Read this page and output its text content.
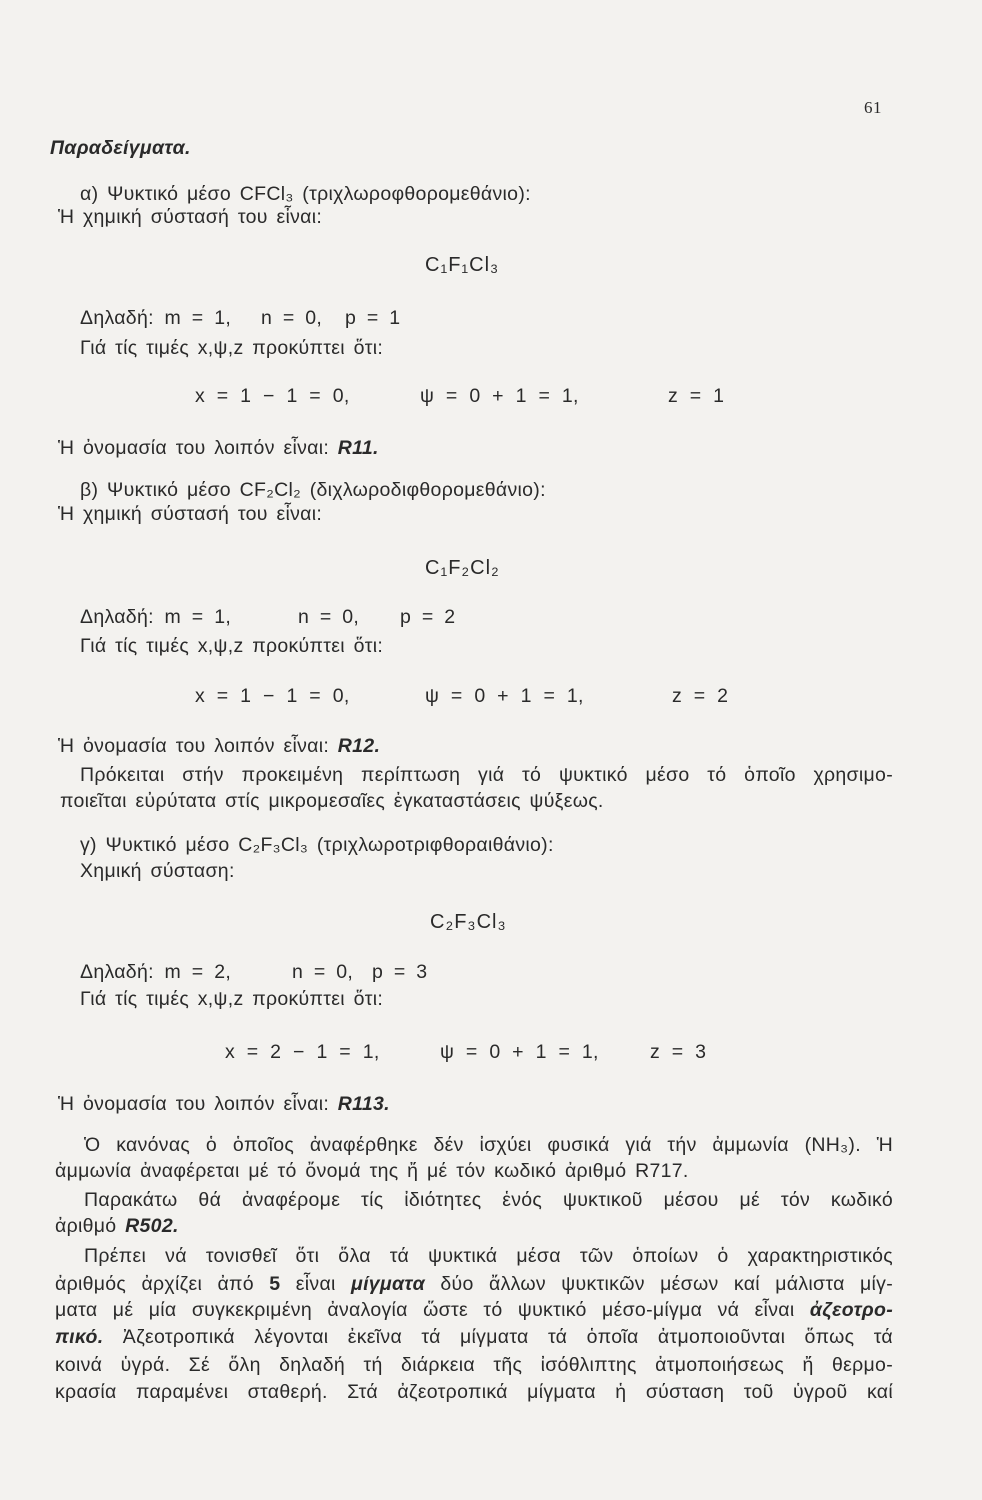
61
Παραδείγματα.
α) Ψυκτικό μέσο CFCl₃ (τριχλωροφθορομεθάνιο):
Ἡ χημική σύστασή του εἶναι:
C₁F₁Cl₃
Δηλαδή: m = 1, n = 0, p = 1
Γιά τίς τιμές x,ψ,z προκύπτει ὅτι:
x = 1 − 1 = 0,	ψ = 0 + 1 = 1,	z = 1
Ἡ ὀνομασία του λοιπόν εἶναι: R11.
β) Ψυκτικό μέσο CF₂Cl₂ (διχλωροδιφθορομεθάνιο):
Ἡ χημική σύστασή του εἶναι:
C₁F₂Cl₂
Δηλαδή: m = 1,	n = 0, p = 2
Γιά τίς τιμές x,ψ,z προκύπτει ὅτι:
x = 1 − 1 = 0,	ψ = 0 + 1 = 1,	z = 2
Ἡ ὀνομασία του λοιπόν εἶναι: R12.
Πρόκειται στήν προκειμένη περίπτωση γιά τό ψυκτικό μέσο τό ὁποῖο χρησιμο-
ποιεῖται εὐρύτατα στίς μικρομεσαῖες ἐγκαταστάσεις ψύξεως.
γ) Ψυκτικό μέσο C₂F₃Cl₃ (τριχλωροτριφθοραιθάνιο):
Χημική σύσταση:
C₂F₃Cl₃
Δηλαδή: m = 2,	n = 0, p = 3
Γιά τίς τιμές x,ψ,z προκύπτει ὅτι:
x = 2 − 1 = 1,	ψ = 0 + 1 = 1,	z = 3
Ἡ ὀνομασία του λοιπόν εἶναι: R113.
Ὁ κανόνας ὁ ὁποῖος ἀναφέρθηκε δέν ἰσχύει φυσικά γιά τήν ἀμμωνία (NH₃). Ἡ
ἀμμωνία ἀναφέρεται μέ τό ὄνομά της ἤ μέ τόν κωδικό ἀριθμό R717.
Παρακάτω θά ἀναφέρομε τίς ἰδιότητες ἑνός ψυκτικοῦ μέσου μέ τόν κωδικό
ἀριθμό R502.
Πρέπει νά τονισθεῖ ὅτι ὅλα τά ψυκτικά μέσα τῶν ὁποίων ὁ χαρακτηριστικός
ἀριθμός ἀρχίζει ἀπό 5 εἶναι μίγματα δύο ἄλλων ψυκτικῶν μέσων καί μάλιστα μίγ-
ματα μέ μία συγκεκριμένη ἀναλογία ὥστε τό ψυκτικό μέσο-μίγμα νά εἶναι ἀζεοτρο-
πικό. Ἀζεοτροπικά λέγονται ἐκεῖνα τά μίγματα τά ὁποῖα ἀτμοποιοῦνται ὅπως τά
κοινά ὑγρά. Σέ ὅλη δηλαδή τή διάρκεια τῆς ἰσόθλιπτης ἀτμοποιήσεως ἤ θερμο-
κρασία παραμένει σταθερή. Στά ἀζεοτροπικά μίγματα ἡ σύσταση τοῦ ὑγροῦ καί
